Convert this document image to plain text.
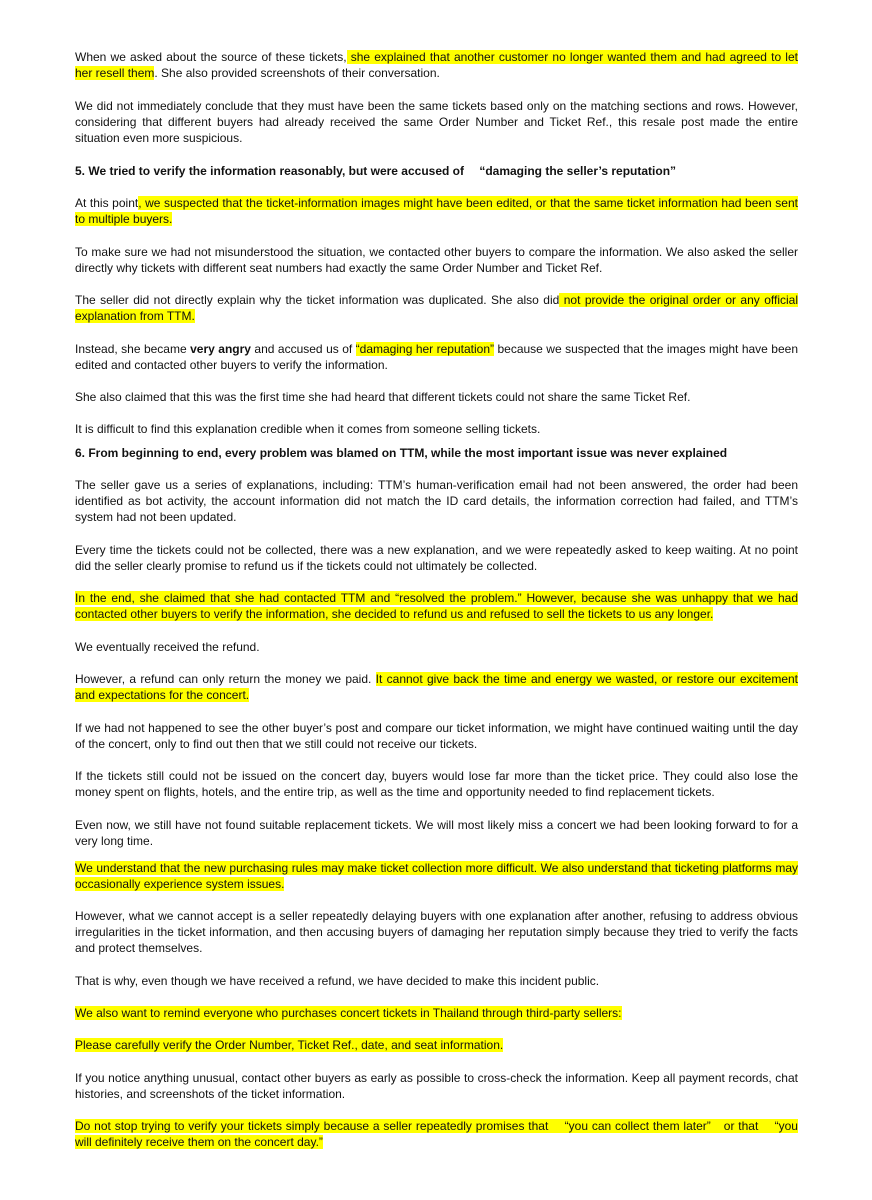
When we asked about the source of these tickets, she explained that another customer no longer wanted them and had agreed to let her resell them. She also provided screenshots of their conversation.

We did not immediately conclude that they must have been the same tickets based only on the matching sections and rows. However, considering that different buyers had already received the same Order Number and Ticket Ref., this resale post made the entire situation even more suspicious.

5. We tried to verify the information reasonably, but were accused of 　“damaging the seller’s reputation”

At this point, we suspected that the ticket-information images might have been edited, or that the same ticket information had been sent to multiple buyers.

To make sure we had not misunderstood the situation, we contacted other buyers to compare the information. We also asked the seller directly why tickets with different seat numbers had exactly the same Order Number and Ticket Ref.

The seller did not directly explain why the ticket information was duplicated. She also did not provide the original order or any official explanation from TTM.

Instead, she became very angry and accused us of “damaging her reputation” because we suspected that the images might have been edited and contacted other buyers to verify the information.

She also claimed that this was the first time she had heard that different tickets could not share the same Ticket Ref.

It is difficult to find this explanation credible when it comes from someone selling tickets.

6. From beginning to end, every problem was blamed on TTM, while the most important issue was never explained

The seller gave us a series of explanations, including: TTM’s human-verification email had not been answered, the order had been identified as bot activity, the account information did not match the ID card details, the information correction had failed, and TTM’s system had not been updated.

Every time the tickets could not be collected, there was a new explanation, and we were repeatedly asked to keep waiting. At no point did the seller clearly promise to refund us if the tickets could not ultimately be collected.

In the end, she claimed that she had contacted TTM and “resolved the problem.” However, because she was unhappy that we had contacted other buyers to verify the information, she decided to refund us and refused to sell the tickets to us any longer.

We eventually received the refund.

However, a refund can only return the money we paid. It cannot give back the time and energy we wasted, or restore our excitement and expectations for the concert.

If we had not happened to see the other buyer’s post and compare our ticket information, we might have continued waiting until the day of the concert, only to find out then that we still could not receive our tickets.

If the tickets still could not be issued on the concert day, buyers would lose far more than the ticket price. They could also lose the money spent on flights, hotels, and the entire trip, as well as the time and opportunity needed to find replacement tickets.

Even now, we still have not found suitable replacement tickets. We will most likely miss a concert we had been looking forward to for a very long time.

We understand that the new purchasing rules may make ticket collection more difficult. We also understand that ticketing platforms may occasionally experience system issues.

However, what we cannot accept is a seller repeatedly delaying buyers with one explanation after another, refusing to address obvious irregularities in the ticket information, and then accusing buyers of damaging her reputation simply because they tried to verify the facts and protect themselves.

That is why, even though we have received a refund, we have decided to make this incident public.

We also want to remind everyone who purchases concert tickets in Thailand through third-party sellers:

Please carefully verify the Order Number, Ticket Ref., date, and seat information.

If you notice anything unusual, contact other buyers as early as possible to cross-check the information. Keep all payment records, chat histories, and screenshots of the ticket information.

Do not stop trying to verify your tickets simply because a seller repeatedly promises that 　“you can collect them later”　or that 　“you will definitely receive them on the concert day.”
